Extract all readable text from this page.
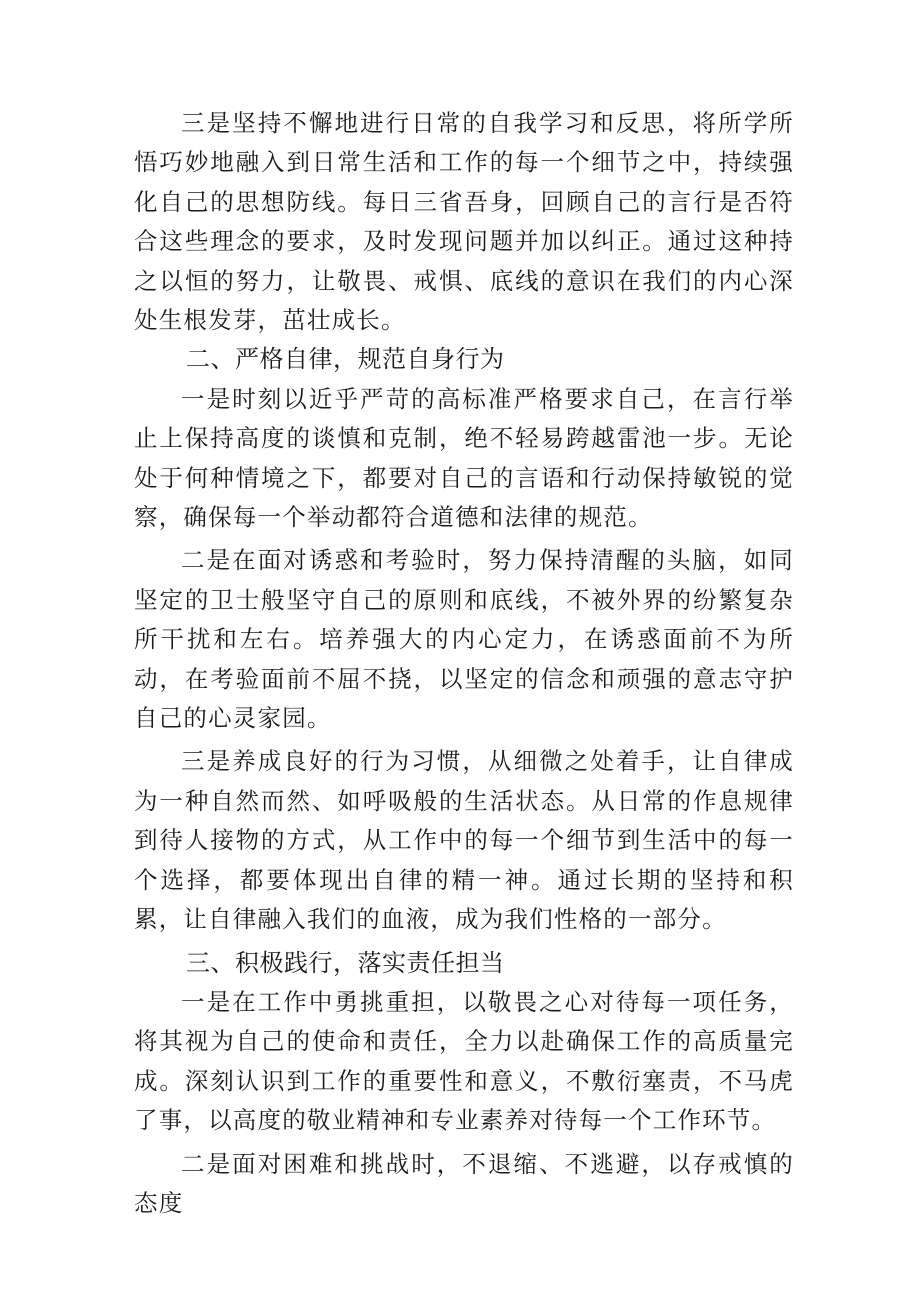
三是坚持不懈地进行日常的自我学习和反思，将所学所悟巧妙地融入到日常生活和工作的每一个细节之中，持续强化自己的思想防线。每日三省吾身，回顾自己的言行是否符合这些理念的要求，及时发现问题并加以纠正。通过这种持之以恒的努力，让敬畏、戒惧、底线的意识在我们的内心深处生根发芽，茁壮成长。

二、严格自律，规范自身行为

一是时刻以近乎严苛的高标准严格要求自己，在言行举止上保持高度的谈慎和克制，绝不轻易跨越雷池一步。无论处于何种情境之下，都要对自己的言语和行动保持敏锐的觉察，确保每一个举动都符合道德和法律的规范。

二是在面对诱惑和考验时，努力保持清醒的头脑，如同坚定的卫士般坚守自己的原则和底线，不被外界的纷繁复杂所干扰和左右。培养强大的内心定力，在诱惑面前不为所动，在考验面前不屈不挠，以坚定的信念和顽强的意志守护自己的心灵家园。

三是养成良好的行为习惯，从细微之处着手，让自律成为一种自然而然、如呼吸般的生活状态。从日常的作息规律到待人接物的方式，从工作中的每一个细节到生活中的每一个选择，都要体现出自律的精一神。通过长期的坚持和积累，让自律融入我们的血液，成为我们性格的一部分。

三、积极践行，落实责任担当

一是在工作中勇挑重担，以敬畏之心对待每一项任务，将其视为自己的使命和责任，全力以赴确保工作的高质量完成。深刻认识到工作的重要性和意义，不敷衍塞责，不马虎了事，以高度的敬业精神和专业素养对待每一个工作环节。

二是面对困难和挑战时，不退缩、不逃避，以存戒慎的态度
